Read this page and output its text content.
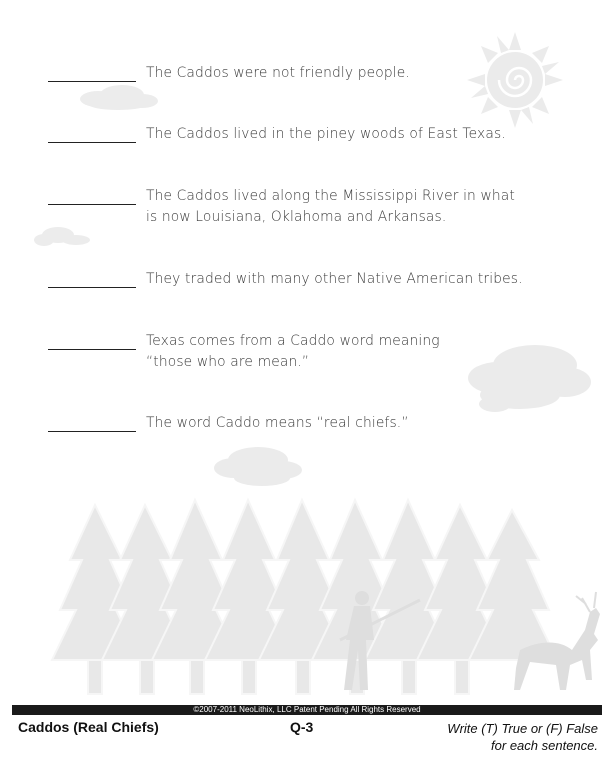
The Caddos were not friendly people.
The Caddos lived in the piney woods of East Texas.
The Caddos lived along the Mississippi River in what
is now Louisiana, Oklahoma and Arkansas.
They traded with many other Native American tribes.
Texas comes from a Caddo word meaning
“those who are mean.”
The word Caddo means “real chiefs.”
©2007-2011 NeoLithix, LLC Patent Pending All Rights Reserved
Caddos (Real Chiefs)	Q-3	Write (T) True or (F) False
for each sentence.
